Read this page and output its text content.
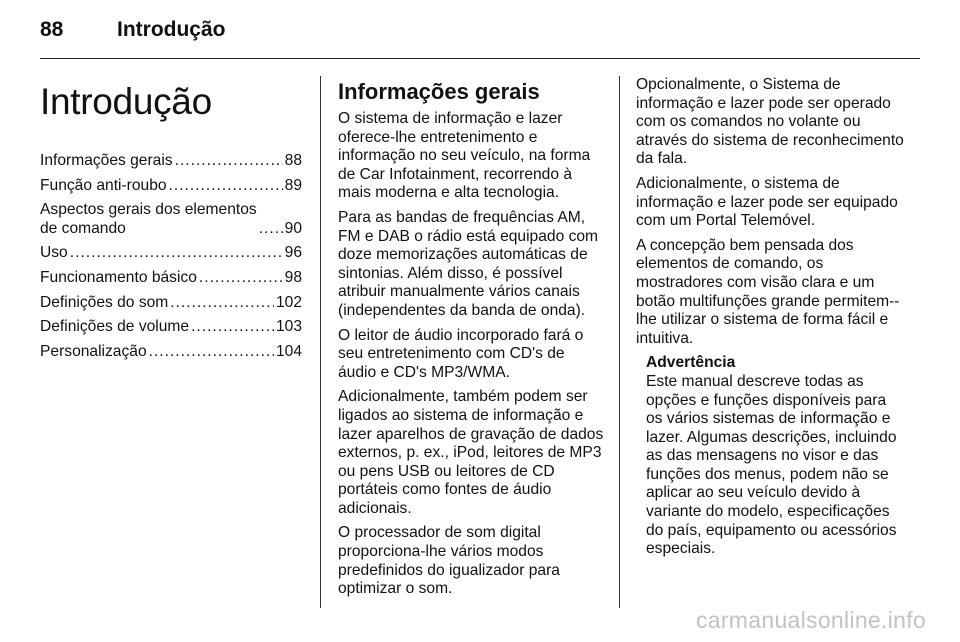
88	Introdução
Introdução
Informações gerais .....	88
Função anti-roubo .....	89
Aspectos gerais dos elementos
de comando .....	90
Uso .....	96
Funcionamento básico .....	98
Definições do som .....	102
Definições de volume .....	103
Personalização .....	104
Informações gerais

O sistema de informação e lazer oferece-lhe entretenimento e informação no seu veículo, na forma de Car Infotainment, recorrendo à mais moderna e alta tecnologia.

Para as bandas de frequências AM, FM e DAB o rádio está equipado com doze memorizações automáticas de sintonias. Além disso, é possível atribuir manualmente vários canais (independentes da banda de onda).

O leitor de áudio incorporado fará o seu entretenimento com CD's de áudio e CD's MP3/WMA.

Adicionalmente, também podem ser ligados ao sistema de informação e lazer aparelhos de gravação de dados externos, p. ex., iPod, leitores de MP3 ou pens USB ou leitores de CD portáteis como fontes de áudio adicionais.

O processador de som digital proporciona-lhe vários modos predefinidos do igualizador para optimizar o som.

Opcionalmente, o Sistema de informação e lazer pode ser operado com os comandos no volante ou através do sistema de reconhecimento da fala.

Adicionalmente, o sistema de informação e lazer pode ser equipado com um Portal Telemóvel.

A concepção bem pensada dos elementos de comando, os mostradores com visão clara e um botão multifunções grande permitem--lhe utilizar o sistema de forma fácil e intuitiva.

Advertência
Este manual descreve todas as opções e funções disponíveis para os vários sistemas de informação e lazer. Algumas descrições, incluindo as das mensagens no visor e das funções dos menus, podem não se aplicar ao seu veículo devido à variante do modelo, especificações do país, equipamento ou acessórios especiais.
carmanualsonline.info
